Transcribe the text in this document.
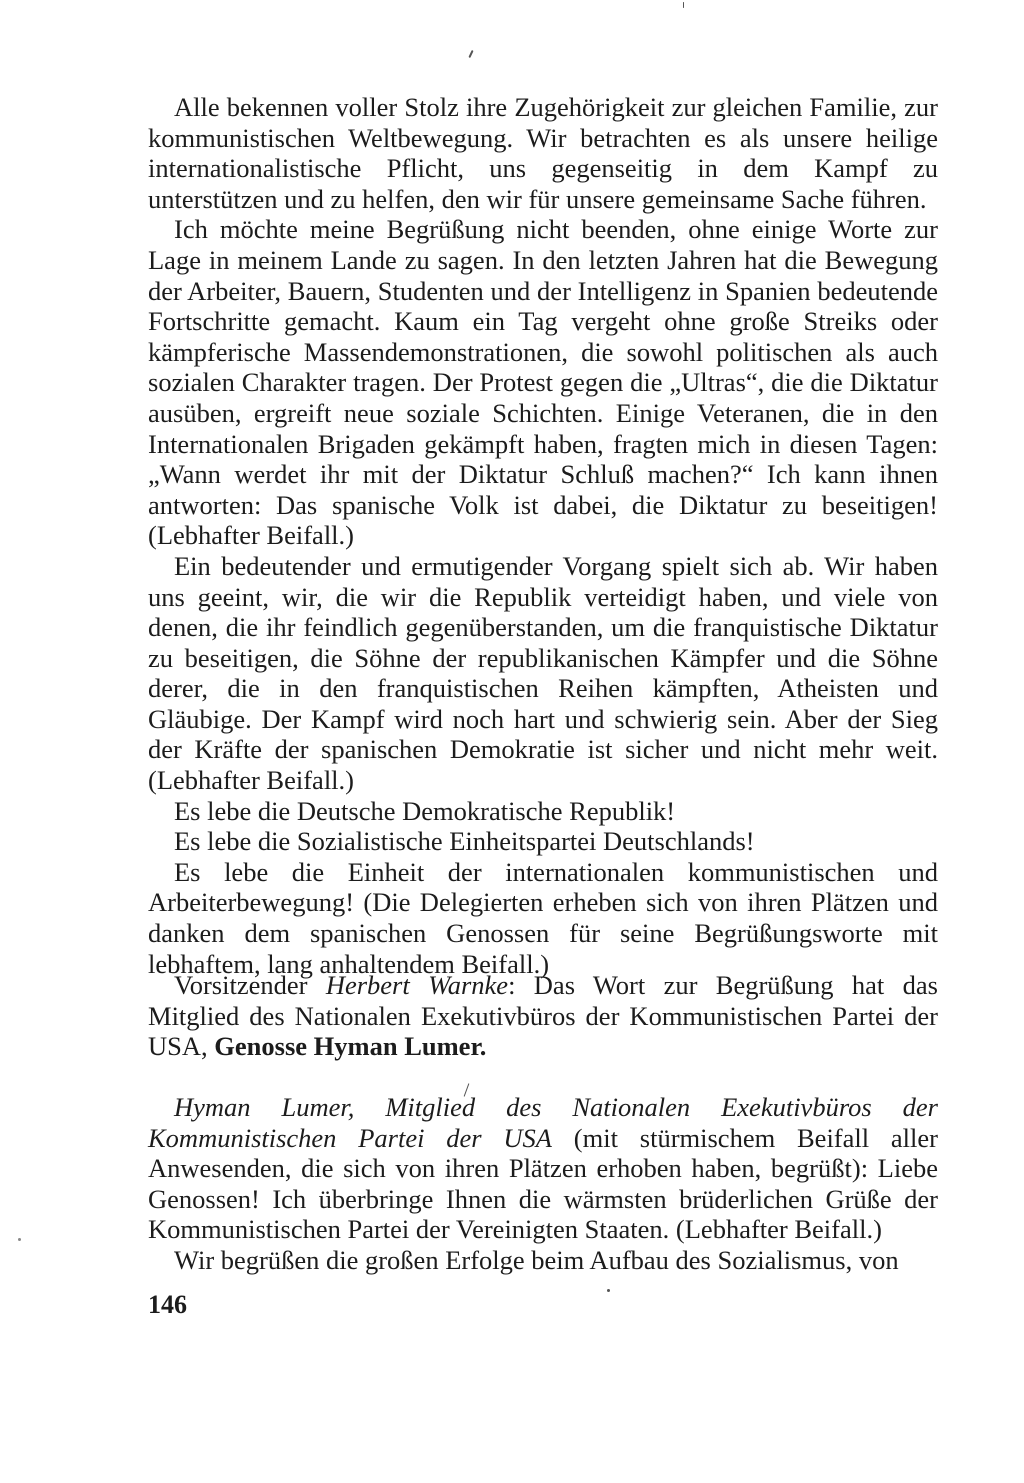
Alle bekennen voller Stolz ihre Zugehörigkeit zur gleichen Familie, zur kommunistischen Weltbewegung. Wir betrachten es als unsere heilige internationalistische Pflicht, uns gegenseitig in dem Kampf zu unterstützen und zu helfen, den wir für unsere gemeinsame Sache führen.

Ich möchte meine Begrüßung nicht beenden, ohne einige Worte zur Lage in meinem Lande zu sagen. In den letzten Jahren hat die Bewegung der Arbeiter, Bauern, Studenten und der Intelligenz in Spanien bedeutende Fortschritte gemacht. Kaum ein Tag vergeht ohne große Streiks oder kämpferische Massendemonstrationen, die sowohl politischen als auch sozialen Charakter tragen. Der Protest gegen die „Ultras“, die die Diktatur ausüben, ergreift neue soziale Schichten. Einige Veteranen, die in den Internationalen Brigaden gekämpft haben, fragten mich in diesen Tagen: „Wann werdet ihr mit der Diktatur Schluß machen?“ Ich kann ihnen antworten: Das spanische Volk ist dabei, die Diktatur zu beseitigen! (Lebhafter Beifall.)

Ein bedeutender und ermutigender Vorgang spielt sich ab. Wir haben uns geeint, wir, die wir die Republik verteidigt haben, und viele von denen, die ihr feindlich gegenüberstanden, um die franquistische Diktatur zu beseitigen, die Söhne der republikanischen Kämpfer und die Söhne derer, die in den franquistischen Reihen kämpften, Atheisten und Gläubige. Der Kampf wird noch hart und schwierig sein. Aber der Sieg der Kräfte der spanischen Demokratie ist sicher und nicht mehr weit. (Lebhafter Beifall.)

Es lebe die Deutsche Demokratische Republik!

Es lebe die Sozialistische Einheitspartei Deutschlands!

Es lebe die Einheit der internationalen kommunistischen und Arbeiterbewegung! (Die Delegierten erheben sich von ihren Plätzen und danken dem spanischen Genossen für seine Begrüßungsworte mit lebhaftem, lang anhaltendem Beifall.)

Vorsitzender Herbert Warnke: Das Wort zur Begrüßung hat das Mitglied des Nationalen Exekutivbüros der Kommunistischen Partei der USA, Genosse Hyman Lumer.

Hyman Lumer, Mitglied des Nationalen Exekutivbüros der Kommunistischen Partei der USA (mit stürmischem Beifall aller Anwesenden, die sich von ihren Plätzen erhoben haben, begrüßt): Liebe Genossen! Ich überbringe Ihnen die wärmsten brüderlichen Grüße der Kommunistischen Partei der Vereinigten Staaten. (Lebhafter Beifall.)

Wir begrüßen die großen Erfolge beim Aufbau des Sozialismus, von

146
